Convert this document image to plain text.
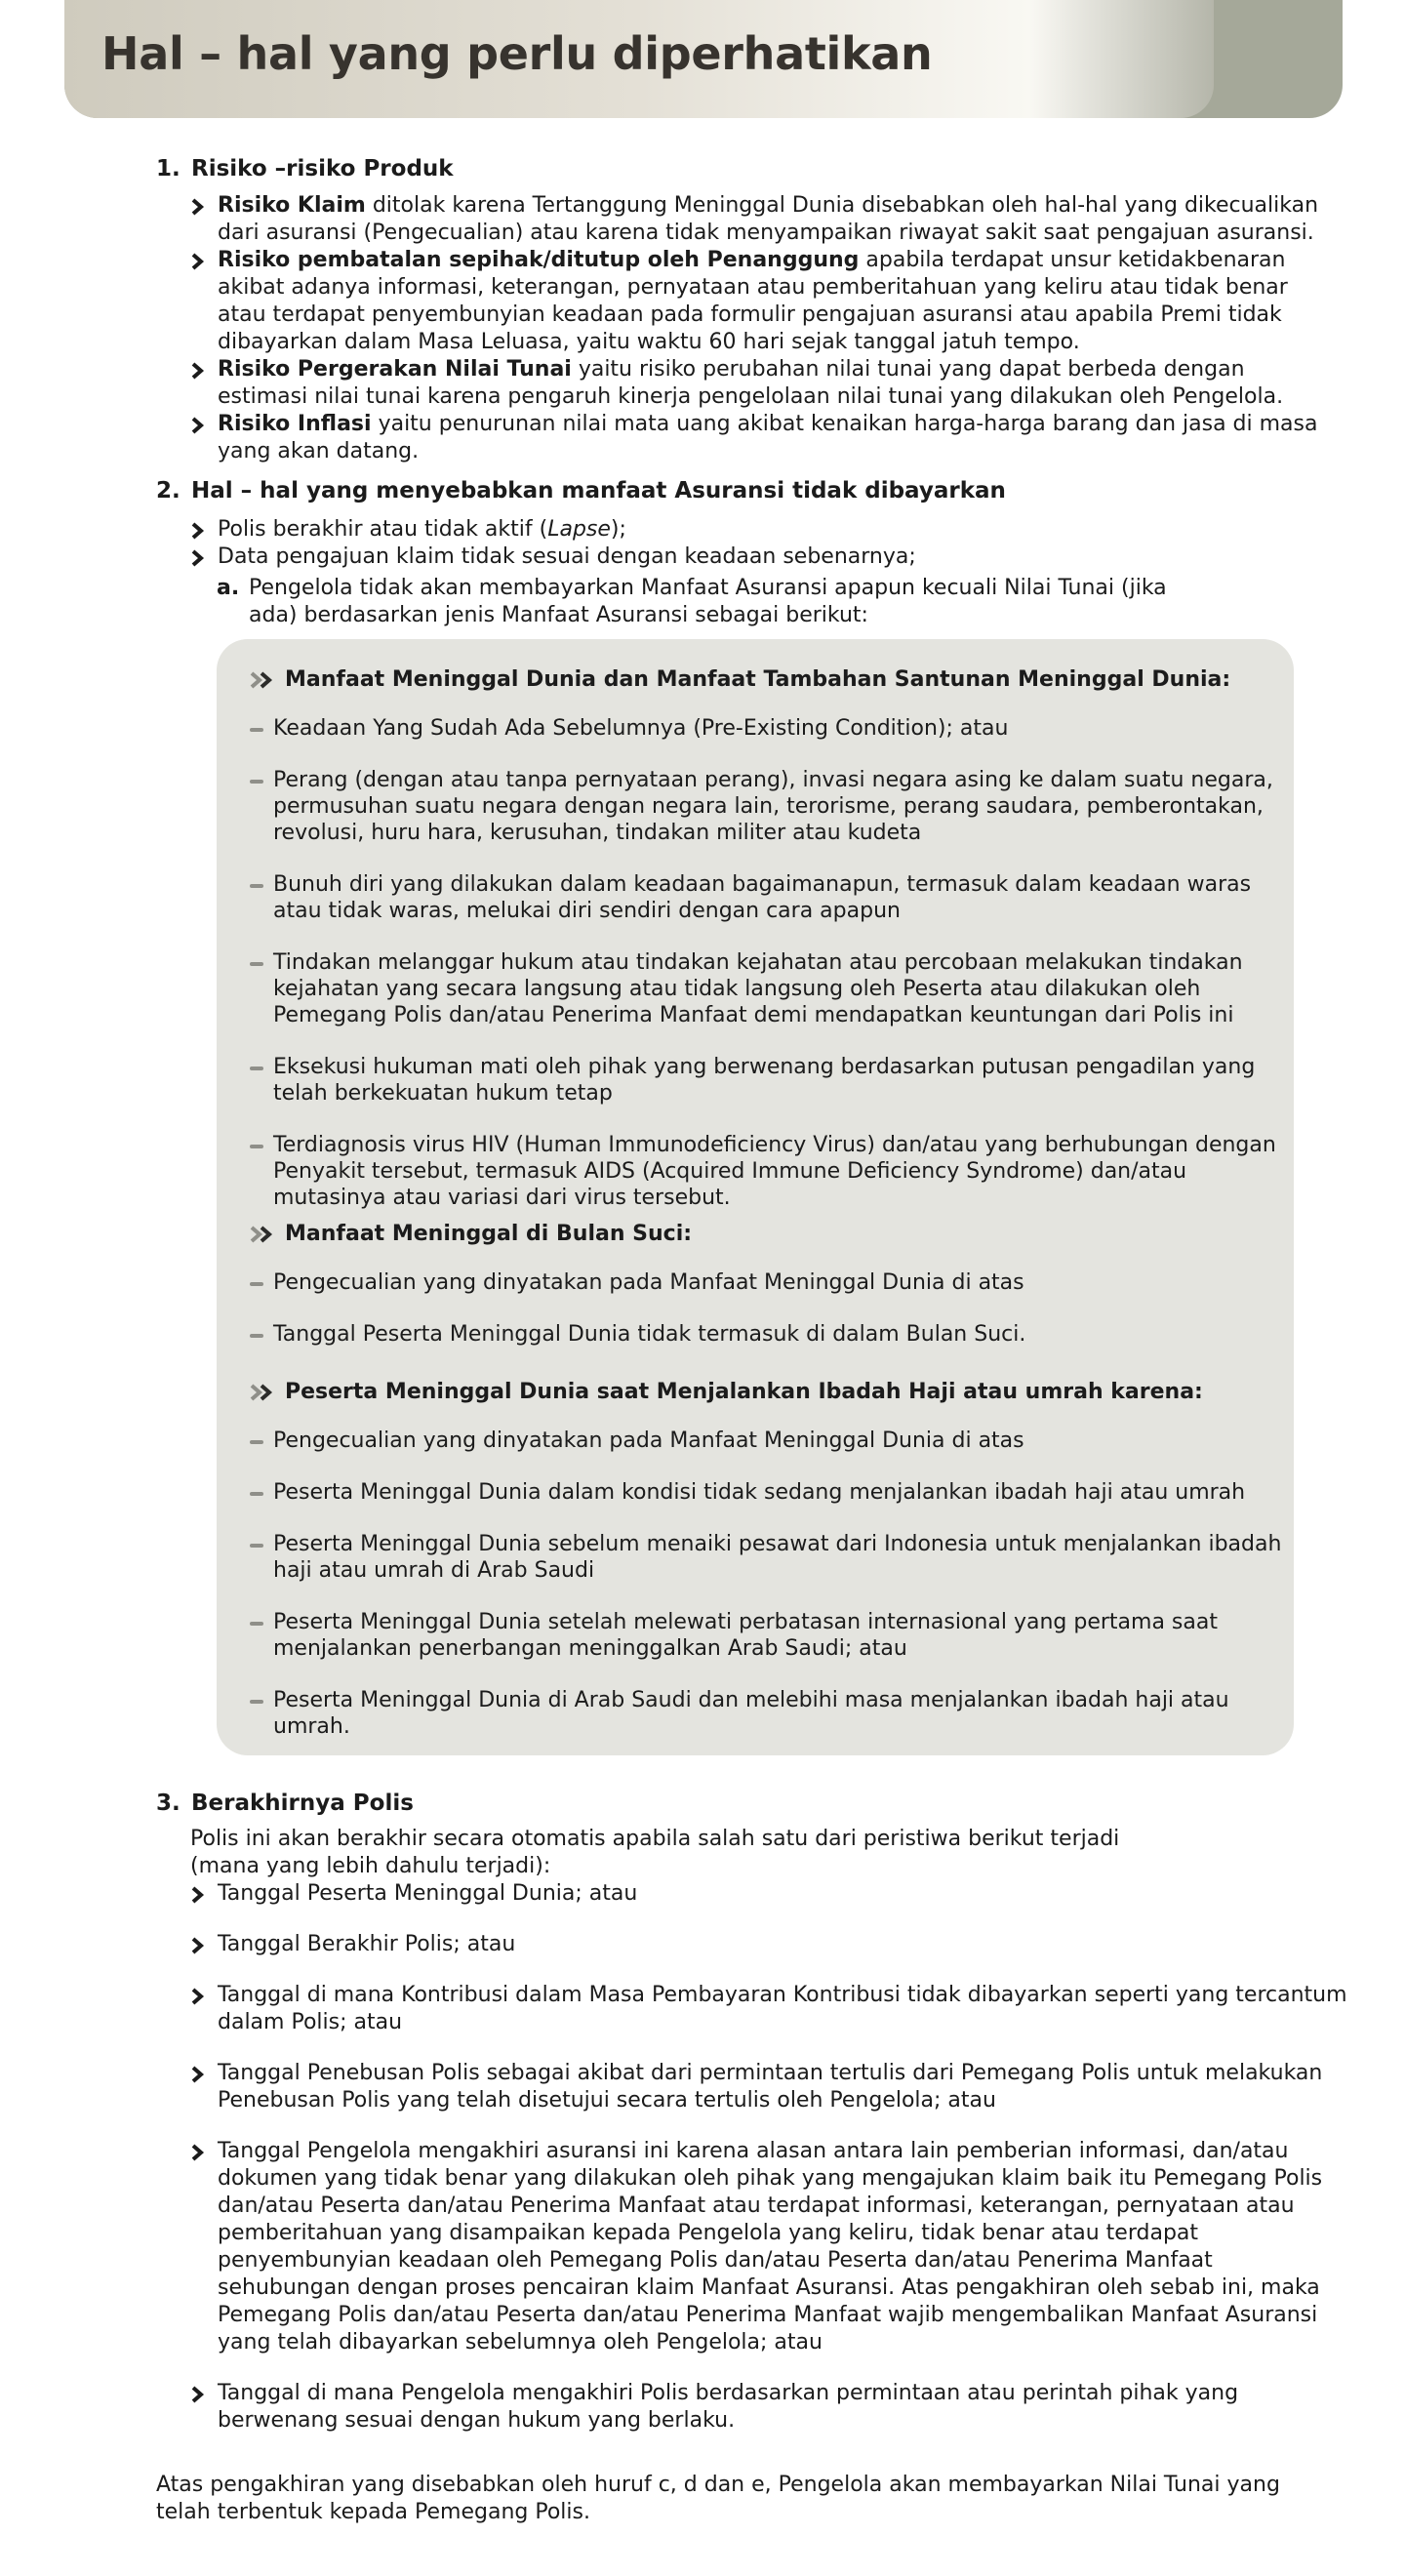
Hal – hal yang perlu diperhatikan
1. Risiko –risiko Produk
Risiko Klaim ditolak karena Tertanggung Meninggal Dunia disebabkan oleh hal-hal yang dikecualikan dari asuransi (Pengecualian) atau karena tidak menyampaikan riwayat sakit saat pengajuan asuransi.
Risiko pembatalan sepihak/ditutup oleh Penanggung apabila terdapat unsur ketidakbenaran akibat adanya informasi, keterangan, pernyataan atau pemberitahuan yang keliru atau tidak benar atau terdapat penyembunyian keadaan pada formulir pengajuan asuransi atau apabila Premi tidak dibayarkan dalam Masa Leluasa, yaitu waktu 60 hari sejak tanggal jatuh tempo.
Risiko Pergerakan Nilai Tunai yaitu risiko perubahan nilai tunai yang dapat berbeda dengan estimasi nilai tunai karena pengaruh kinerja pengelolaan nilai tunai yang dilakukan oleh Pengelola.
Risiko Inflasi yaitu penurunan nilai mata uang akibat kenaikan harga-harga barang dan jasa di masa yang akan datang.
2. Hal – hal yang menyebabkan manfaat Asuransi tidak dibayarkan
Polis berakhir atau tidak aktif (Lapse);
Data pengajuan klaim tidak sesuai dengan keadaan sebenarnya;
a. Pengelola tidak akan membayarkan Manfaat Asuransi apapun kecuali Nilai Tunai (jika ada) berdasarkan jenis Manfaat Asuransi sebagai berikut:
Manfaat Meninggal Dunia dan Manfaat Tambahan Santunan Meninggal Dunia:
Keadaan Yang Sudah Ada Sebelumnya (Pre-Existing Condition); atau
Perang (dengan atau tanpa pernyataan perang), invasi negara asing ke dalam suatu negara, permusuhan suatu negara dengan negara lain, terorisme, perang saudara, pemberontakan, revolusi, huru hara, kerusuhan, tindakan militer atau kudeta
Bunuh diri yang dilakukan dalam keadaan bagaimanapun, termasuk dalam keadaan waras atau tidak waras, melukai diri sendiri dengan cara apapun
Tindakan melanggar hukum atau tindakan kejahatan atau percobaan melakukan tindakan kejahatan yang secara langsung atau tidak langsung oleh Peserta atau dilakukan oleh Pemegang Polis dan/atau Penerima Manfaat demi mendapatkan keuntungan dari Polis ini
Eksekusi hukuman mati oleh pihak yang berwenang berdasarkan putusan pengadilan yang telah berkekuatan hukum tetap
Terdiagnosis virus HIV (Human Immunodeficiency Virus) dan/atau yang berhubungan dengan Penyakit tersebut, termasuk AIDS (Acquired Immune Deficiency Syndrome) dan/atau mutasinya atau variasi dari virus tersebut.
Manfaat Meninggal di Bulan Suci:
Pengecualian yang dinyatakan pada Manfaat Meninggal Dunia di atas
Tanggal Peserta Meninggal Dunia tidak termasuk di dalam Bulan Suci.
Peserta Meninggal Dunia saat Menjalankan Ibadah Haji atau umrah karena:
Pengecualian yang dinyatakan pada Manfaat Meninggal Dunia di atas
Peserta Meninggal Dunia dalam kondisi tidak sedang menjalankan ibadah haji atau umrah
Peserta Meninggal Dunia sebelum menaiki pesawat dari Indonesia untuk menjalankan ibadah haji atau umrah di Arab Saudi
Peserta Meninggal Dunia setelah melewati perbatasan internasional yang pertama saat menjalankan penerbangan meninggalkan Arab Saudi; atau
Peserta Meninggal Dunia di Arab Saudi dan melebihi masa menjalankan ibadah haji atau umrah.
3. Berakhirnya Polis
Polis ini akan berakhir secara otomatis apabila salah satu dari peristiwa berikut terjadi (mana yang lebih dahulu terjadi):
Tanggal Peserta Meninggal Dunia; atau
Tanggal Berakhir Polis; atau
Tanggal di mana Kontribusi dalam Masa Pembayaran Kontribusi tidak dibayarkan seperti yang tercantum dalam Polis; atau
Tanggal Penebusan Polis sebagai akibat dari permintaan tertulis dari Pemegang Polis untuk melakukan Penebusan Polis yang telah disetujui secara tertulis oleh Pengelola; atau
Tanggal Pengelola mengakhiri asuransi ini karena alasan antara lain pemberian informasi, dan/atau dokumen yang tidak benar yang dilakukan oleh pihak yang mengajukan klaim baik itu Pemegang Polis dan/atau Peserta dan/atau Penerima Manfaat atau terdapat informasi, keterangan, pernyataan atau pemberitahuan yang disampaikan kepada Pengelola yang keliru, tidak benar atau terdapat penyembunyian keadaan oleh Pemegang Polis dan/atau Peserta dan/atau Penerima Manfaat sehubungan dengan proses pencairan klaim Manfaat Asuransi. Atas pengakhiran oleh sebab ini, maka Pemegang Polis dan/atau Peserta dan/atau Penerima Manfaat wajib mengembalikan Manfaat Asuransi yang telah dibayarkan sebelumnya oleh Pengelola; atau
Tanggal di mana Pengelola mengakhiri Polis berdasarkan permintaan atau perintah pihak yang berwenang sesuai dengan hukum yang berlaku.
Atas pengakhiran yang disebabkan oleh huruf c, d dan e, Pengelola akan membayarkan Nilai Tunai yang telah terbentuk kepada Pemegang Polis.
